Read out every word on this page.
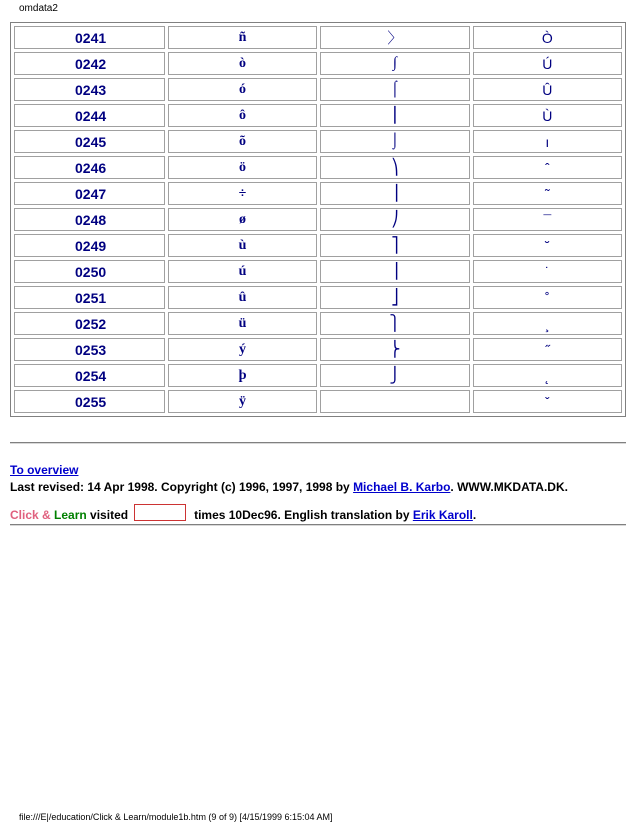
omdata2
0241	ñ	〉	Ò
0242	ò	∫	Ú
0243	ó	⌠	Û
0244	ô	⎮	Ù
0245	õ	⌡	ı
0246	ö	⎞	ˆ
0247	÷	⎟	˜
0248	ø	⎠	¯
0249	ù	⎤	˘
0250	ú	⎥	˙
0251	û	⎦	˚
0252	ü	⎫	¸
0253	ý	⎬	˝
0254	þ	⎭	˛
0255	ÿ		ˇ
To overview
Last revised: 14 Apr 1998. Copyright (c) 1996, 1997, 1998 by Michael B. Karbo. WWW.MKDATA.DK.
Click & Learn visited	times 10Dec96. English translation by Erik Karoll.
file:///E|/education/Click & Learn/module1b.htm (9 of 9) [4/15/1999 6:15:04 AM]
